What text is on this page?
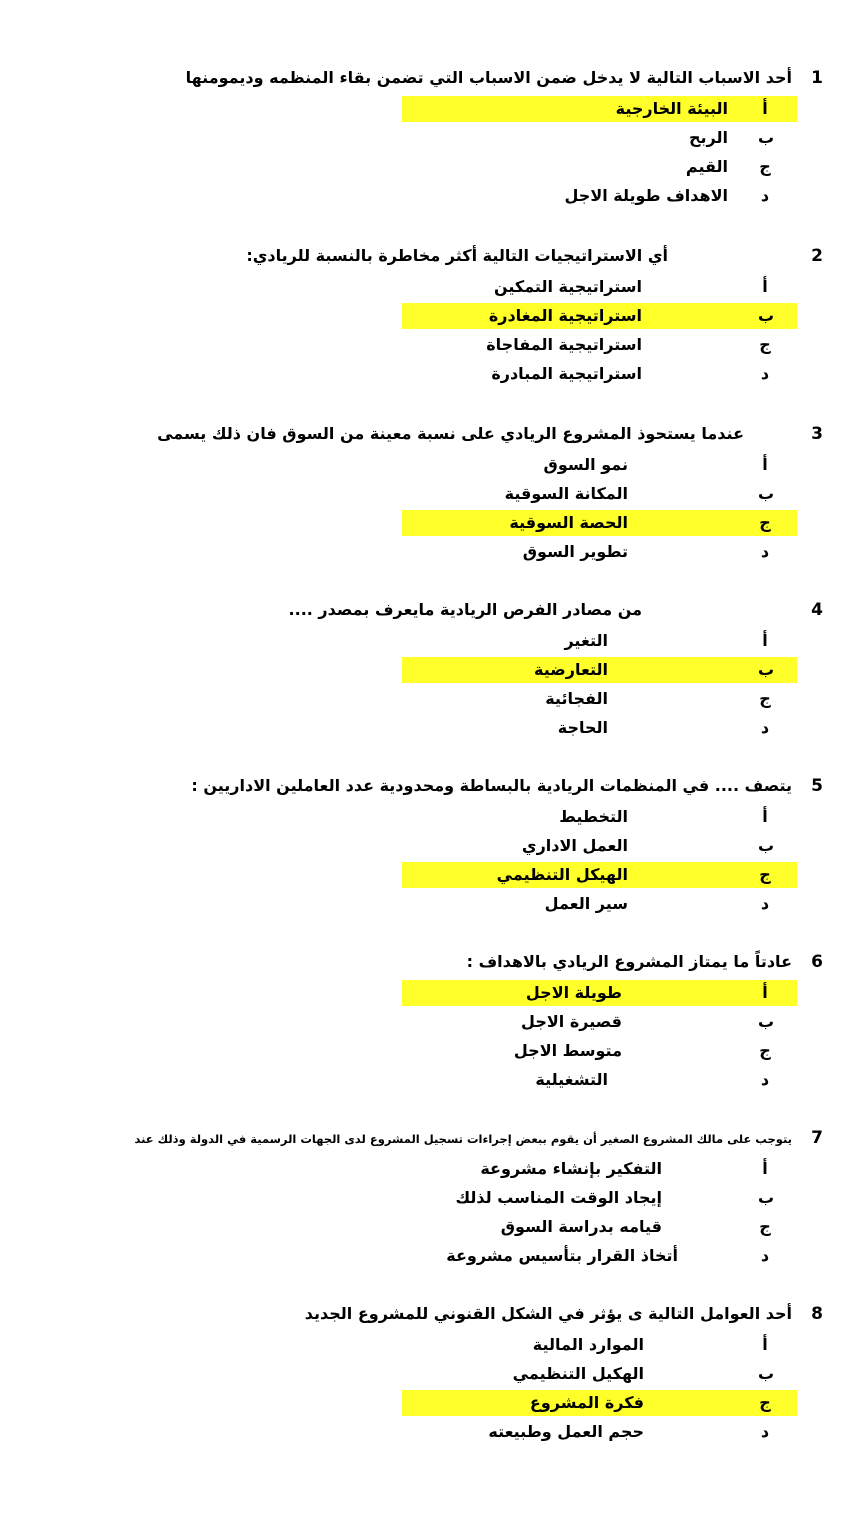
1
أحد الاسباب التالية لا يدخل ضمن الاسباب التي تضمن بقاء المنظمه وديمومنها
أ
البيئة الخارجية
ب
الربح
ج
القيم
د
الاهداف طويلة الاجل
2
أي الاستراتيجيات التالية أكثر مخاطرة بالنسبة للريادي:
أ
استراتيجية التمكين
ب
استراتيجية المغادرة
ج
استراتيجية المفاجاة
د
استراتيجية المبادرة
3
عندما يستحوذ المشروع الريادي على نسبة معينة من السوق فان ذلك يسمى
أ
نمو السوق
ب
المكانة السوقية
ج
الحصة السوقية
د
تطوير السوق
4
من مصادر الفرص الريادية مايعرف بمصدر ....
أ
التغير
ب
التعارضية
ج
الفجائية
د
الحاجة
5
يتصف .... في المنظمات الريادية بالبساطة ومحدودية عدد العاملين الاداريين :
أ
التخطيط
ب
العمل الاداري
ج
الهيكل التنظيمي
د
سير العمل
6
عادتاً ما يمتاز المشروع الريادي بالاهداف :
أ
طويلة الاجل
ب
قصيرة الاجل
ج
متوسط الاجل
د
التشغيلية
7
يتوجب على مالك المشروع الصغير أن يقوم ببعض إجراءات تسجيل المشروع لدى الجهات الرسمية في الدولة وذلك عند
أ
التفكير بإنشاء مشروعة
ب
إيجاد الوقت المناسب لذلك
ج
قيامه بدراسة السوق
د
أتخاذ القرار بتأسيس مشروعة
8
أحد العوامل التالية ى يؤثر في الشكل القنوني للمشروع الجديد
أ
الموارد المالية
ب
الهكيل التنظيمي
ج
فكرة المشروع
د
حجم العمل وطبيعته
